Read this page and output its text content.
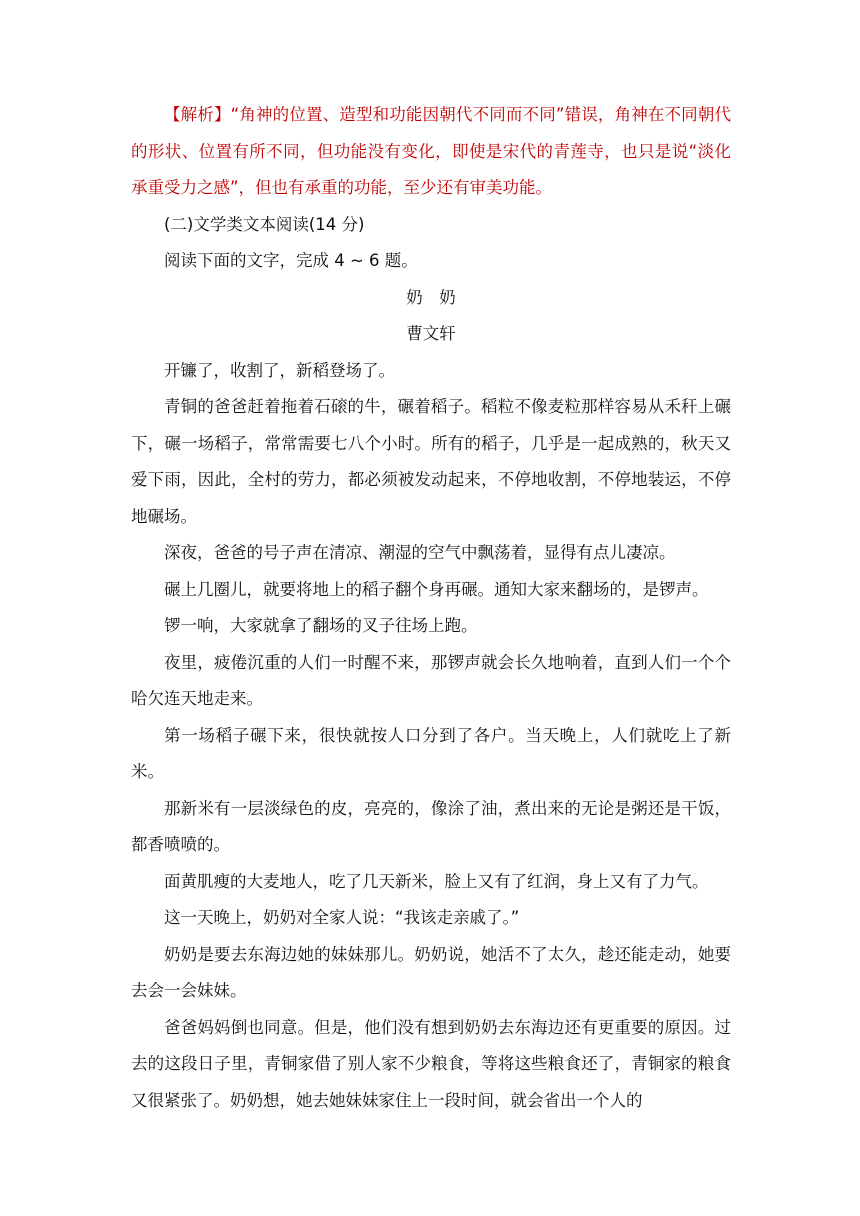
【解析】“角神的位置、造型和功能因朝代不同而不同”错误，角神在不同朝代的形状、位置有所不同，但功能没有变化，即使是宋代的青莲寺，也只是说“淡化承重受力之感”，但也有承重的功能，至少还有审美功能。

(二)文学类文本阅读(14 分)

阅读下面的文字，完成 4 ~ 6 题。

奶　奶

曹文轩

开镰了，收割了，新稻登场了。

青铜的爸爸赶着拖着石磙的牛，碾着稻子。稻粒不像麦粒那样容易从禾秆上碾下，碾一场稻子，常常需要七八个小时。所有的稻子，几乎是一起成熟的，秋天又爱下雨，因此，全村的劳力，都必须被发动起来，不停地收割，不停地装运，不停地碾场。

深夜，爸爸的号子声在清凉、潮湿的空气中飘荡着，显得有点儿凄凉。

碾上几圈儿，就要将地上的稻子翻个身再碾。通知大家来翻场的，是锣声。

锣一响，大家就拿了翻场的叉子往场上跑。

夜里，疲倦沉重的人们一时醒不来，那锣声就会长久地响着，直到人们一个个哈欠连天地走来。

第一场稻子碾下来，很快就按人口分到了各户。当天晚上，人们就吃上了新米。

那新米有一层淡绿色的皮，亮亮的，像涂了油，煮出来的无论是粥还是干饭，都香喷喷的。

面黄肌瘦的大麦地人，吃了几天新米，脸上又有了红润，身上又有了力气。

这一天晚上，奶奶对全家人说：“我该走亲戚了。”

奶奶是要去东海边她的妹妹那儿。奶奶说，她活不了太久，趁还能走动，她要去会一会妹妹。

爸爸妈妈倒也同意。但是，他们没有想到奶奶去东海边还有更重要的原因。过去的这段日子里，青铜家借了别人家不少粮食，等将这些粮食还了，青铜家的粮食又很紧张了。奶奶想，她去她妹妹家住上一段时间，就会省出一个人的
